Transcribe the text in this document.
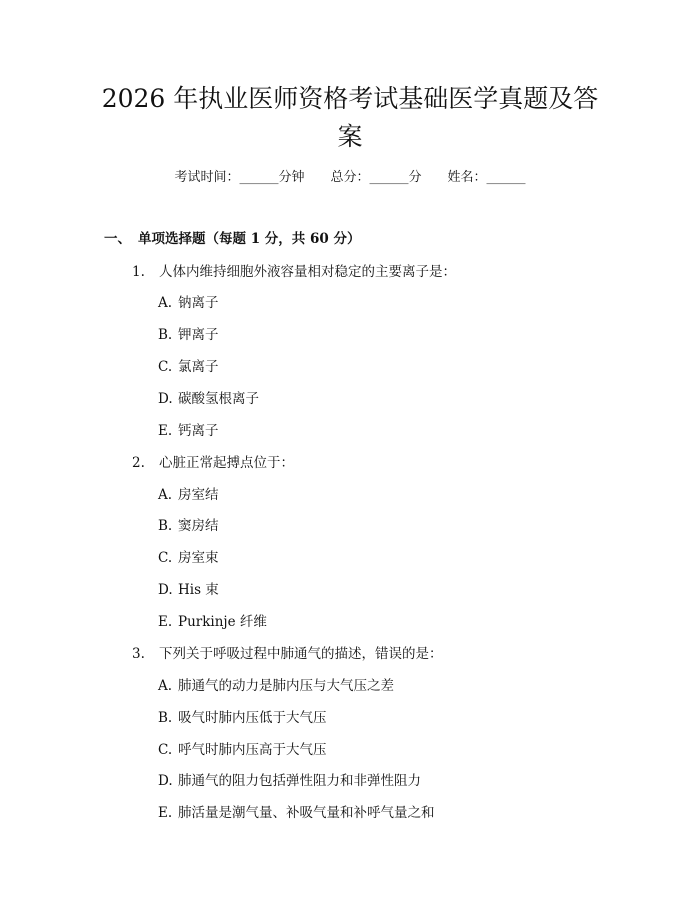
2026 年执业医师资格考试基础医学真题及答案
考试时间：______分钟 总分：______分 姓名：______
一、 单项选择题（每题 1 分，共 60 分）
1. 人体内维持细胞外液容量相对稳定的主要离子是：
A. 钠离子
B. 钾离子
C. 氯离子
D. 碳酸氢根离子
E. 钙离子
2. 心脏正常起搏点位于：
A. 房室结
B. 窦房结
C. 房室束
D. His 束
E. Purkinje 纤维
3. 下列关于呼吸过程中肺通气的描述，错误的是：
A. 肺通气的动力是肺内压与大气压之差
B. 吸气时肺内压低于大气压
C. 呼气时肺内压高于大气压
D. 肺通气的阻力包括弹性阻力和非弹性阻力
E. 肺活量是潮气量、补吸气量和补呼气量之和
